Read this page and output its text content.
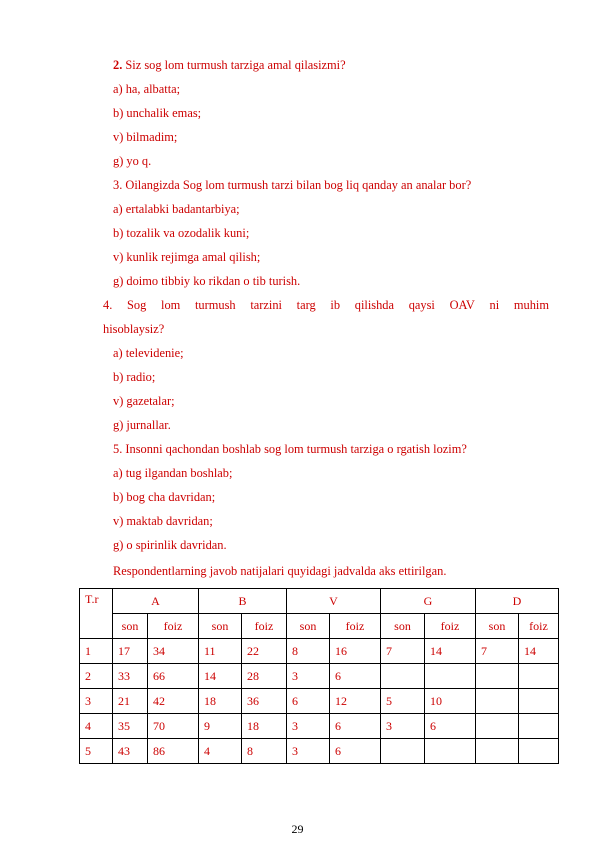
2. Siz sog lom turmush tarziga amal qilasizmi?
a) ha, albatta;
b) unchalik emas;
v) bilmadim;
g) yo q.
3. Oilangizda Sog lom turmush tarzi bilan bog liq qanday an analar bor?
a) ertalabki badantarbiya;
b) tozalik va ozodalik kuni;
v) kunlik rejimga amal qilish;
g) doimo tibbiy ko rikdan o tib turish.
4. Sog lom turmush tarzini targ ib qilishda qaysi OAV ni muhim
hisoblaysiz?
a) televidenie;
b) radio;
v) gazetalar;
g) jurnallar.
5. Insonni qachondan boshlab sog lom turmush tarziga o rgatish lozim?
a) tug ilgandan boshlab;
b) bog cha davridan;
v) maktab davridan;
g) o spirinlik davridan.
Respondentlarning javob natijalari quyidagi jadvalda aks ettirilgan.
T.r	A		B		V		G		D	
	son	foiz	son	foiz	son	foiz	son	foiz	son	foiz
1	17	34	11	22	8	16	7	14	7	14
2	33	66	14	28	3	6				
3	21	42	18	36	6	12	5	10		
4	35	70	9	18	3	6	3	6		
5	43	86	4	8	3	6				
29
